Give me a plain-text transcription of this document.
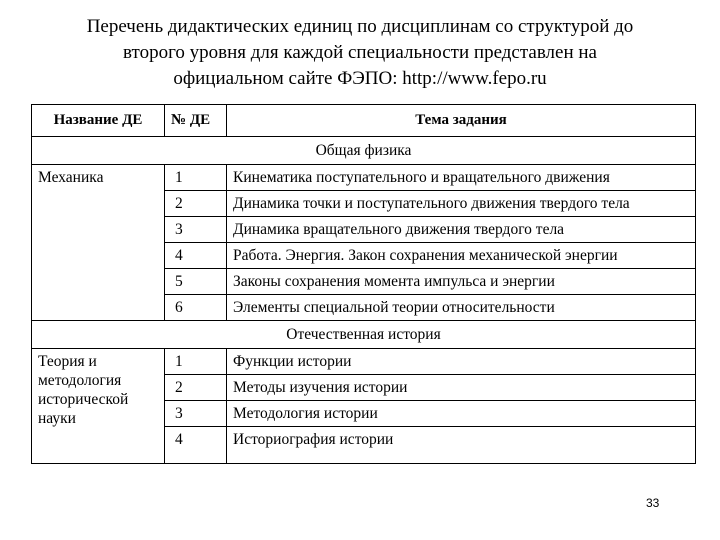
Перечень дидактических единиц по дисциплинам со структурой до
второго уровня для каждой специальности представлен на
официальном сайте ФЭПО: http://www.fepo.ru
Название ДЕ	№ ДЕ	Тема задания
Общая физика		
Механика	1	Кинематика поступательного и вращательного движения
	2	Динамика точки и поступательного движения твердого тела
	3	Динамика вращательного движения твердого тела
	4	Работа. Энергия. Закон сохранения механической энергии
	5	Законы сохранения момента импульса и энергии
	6	Элементы специальной теории относительности
Отечественная история		
Теория и методология исторической науки	1	Функции истории
	2	Методы изучения истории
	3	Методология истории
	4	Историография истории
33
